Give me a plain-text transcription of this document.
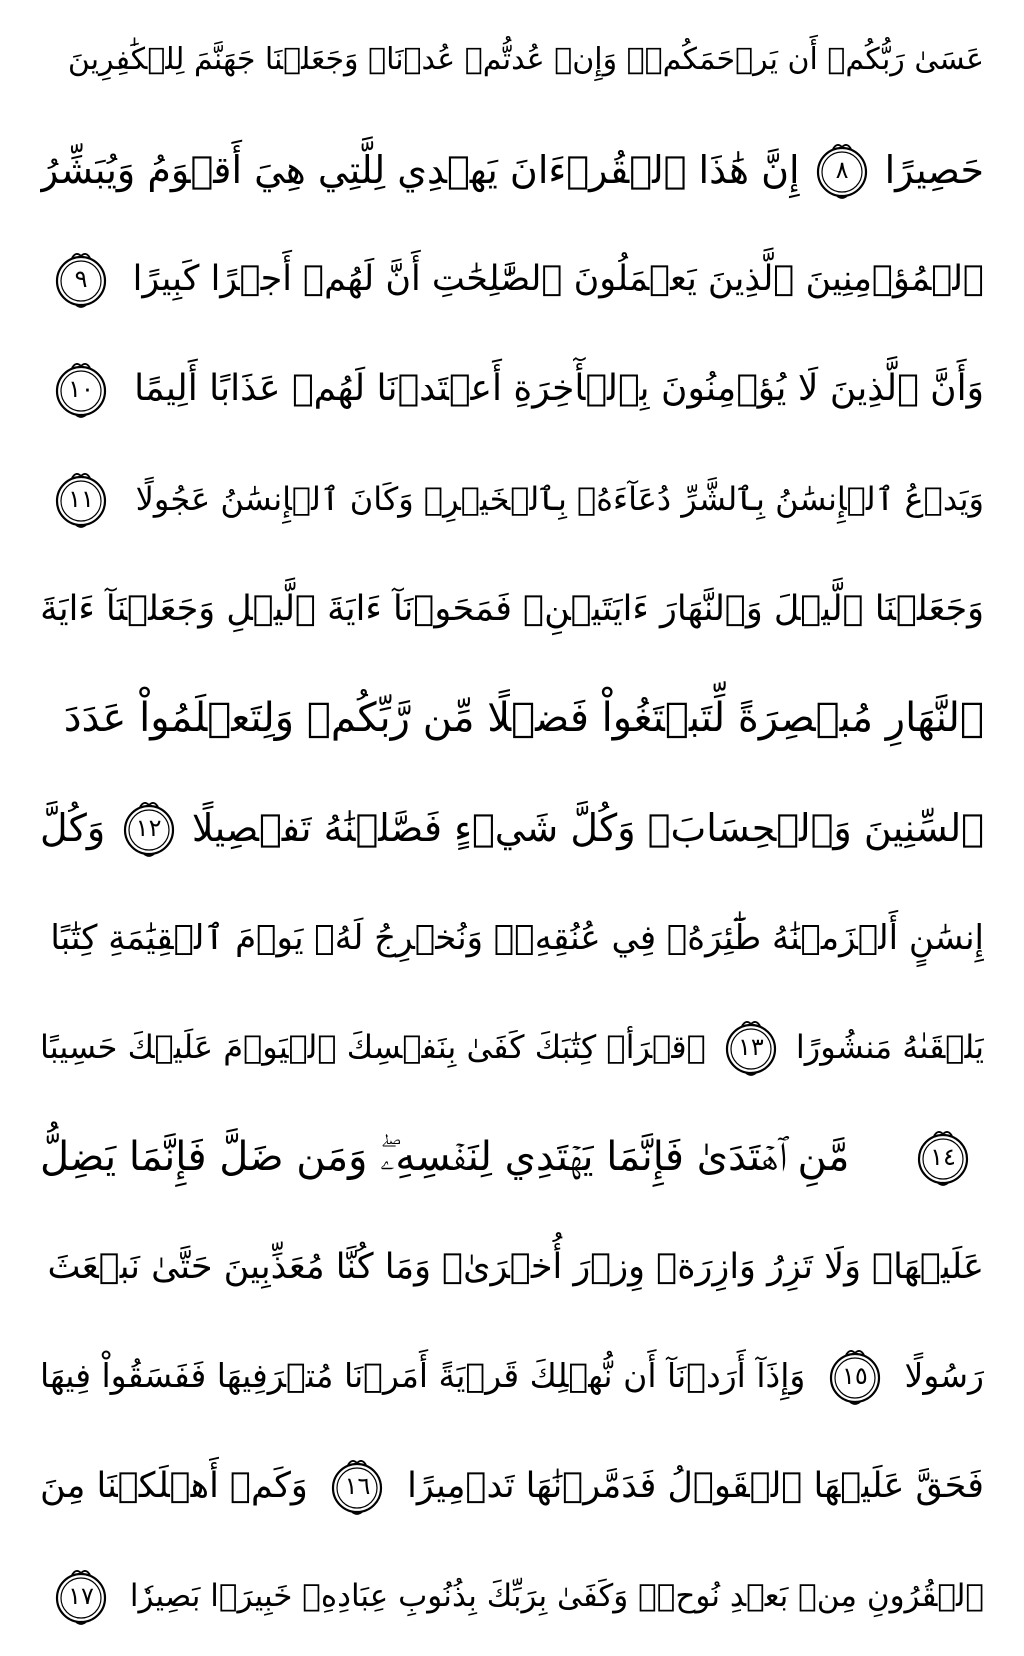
عَسَىٰ رَبُّكُمۡ أَن يَرۡحَمَكُمۡۚ وَإِنۡ عُدتُّمۡ عُدۡنَاۚ وَجَعَلۡنَا جَهَنَّمَ لِلۡكَٰفِرِينَ
حَصِيرًا
٨
إِنَّ هَٰذَا ٱلۡقُرۡءَانَ يَهۡدِي لِلَّتِي هِيَ أَقۡوَمُ وَيُبَشِّرُ
ٱلۡمُؤۡمِنِينَ ٱلَّذِينَ يَعۡمَلُونَ ٱلصَّٰلِحَٰتِ أَنَّ لَهُمۡ أَجۡرًا كَبِيرًا
٩
وَأَنَّ ٱلَّذِينَ لَا يُؤۡمِنُونَ بِٱلۡأٓخِرَةِ أَعۡتَدۡنَا لَهُمۡ عَذَابًا أَلِيمًا
١٠
وَيَدۡعُ ٱلۡإِنسَٰنُ بِٱلشَّرِّ دُعَآءَهُۥ بِٱلۡخَيۡرِۖ وَكَانَ ٱلۡإِنسَٰنُ عَجُولًا
١١
وَجَعَلۡنَا ٱلَّيۡلَ وَٱلنَّهَارَ ءَايَتَيۡنِۖ فَمَحَوۡنَآ ءَايَةَ ٱلَّيۡلِ وَجَعَلۡنَآ ءَايَةَ
ٱلنَّهَارِ مُبۡصِرَةً لِّتَبۡتَغُواْ فَضۡلًا مِّن رَّبِّكُمۡ وَلِتَعۡلَمُواْ عَدَدَ
ٱلسِّنِينَ وَٱلۡحِسَابَۚ وَكُلَّ شَيۡءٍ فَصَّلۡنَٰهُ تَفۡصِيلًا
١٢
وَكُلَّ
إِنسَٰنٍ أَلۡزَمۡنَٰهُ طَٰٓئِرَهُۥ فِي عُنُقِهِۦۖ وَنُخۡرِجُ لَهُۥ يَوۡمَ ٱلۡقِيَٰمَةِ كِتَٰبًا
يَلۡقَىٰهُ مَنشُورًا
١٣
ٱقۡرَأۡ كِتَٰبَكَ كَفَىٰ بِنَفۡسِكَ ٱلۡيَوۡمَ عَلَيۡكَ حَسِيبًا
١٤
مَّنِ ٱهۡتَدَىٰ فَإِنَّمَا يَهۡتَدِي لِنَفۡسِهِۦۖ وَمَن ضَلَّ فَإِنَّمَا يَضِلُّ
عَلَيۡهَاۚ وَلَا تَزِرُ وَازِرَةٞ وِزۡرَ أُخۡرَىٰۗ وَمَا كُنَّا مُعَذِّبِينَ حَتَّىٰ نَبۡعَثَ
رَسُولًا
١٥
وَإِذَآ أَرَدۡنَآ أَن نُّهۡلِكَ قَرۡيَةً أَمَرۡنَا مُتۡرَفِيهَا فَفَسَقُواْ فِيهَا
فَحَقَّ عَلَيۡهَا ٱلۡقَوۡلُ فَدَمَّرۡنَٰهَا تَدۡمِيرًا
١٦
وَكَمۡ أَهۡلَكۡنَا مِنَ
ٱلۡقُرُونِ مِنۢ بَعۡدِ نُوحٖۗ وَكَفَىٰ بِرَبِّكَ بِذُنُوبِ عِبَادِهِۦ خَبِيرَۢا بَصِيرٗا
١٧
